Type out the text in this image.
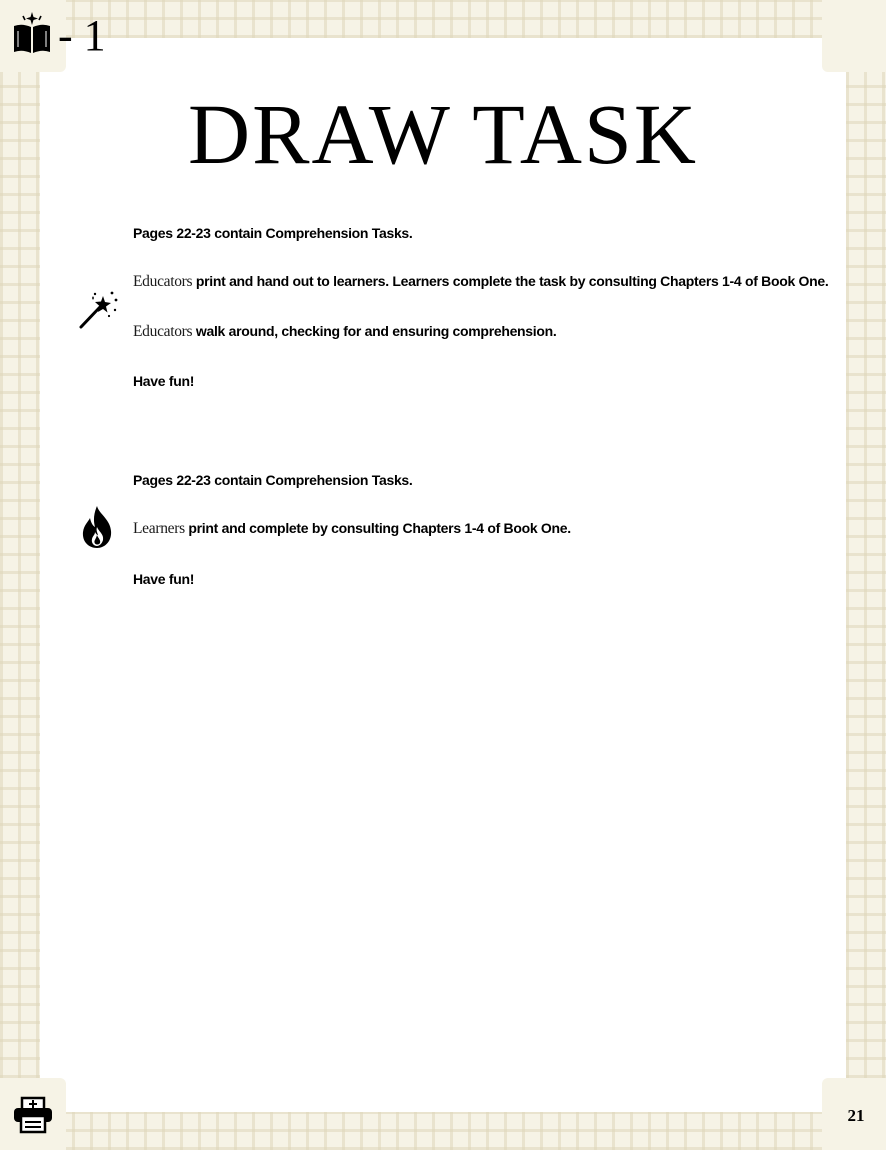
- 1
DRAW TASK
Pages 22-23 contain Comprehension Tasks.
Educators print and hand out to learners. Learners complete the task by consulting Chapters 1-4 of Book One.
Educators walk around, checking for and ensuring comprehension.
Have fun!
Pages 22-23 contain Comprehension Tasks.
Learners print and complete by consulting Chapters 1-4 of Book One.
Have fun!
21
